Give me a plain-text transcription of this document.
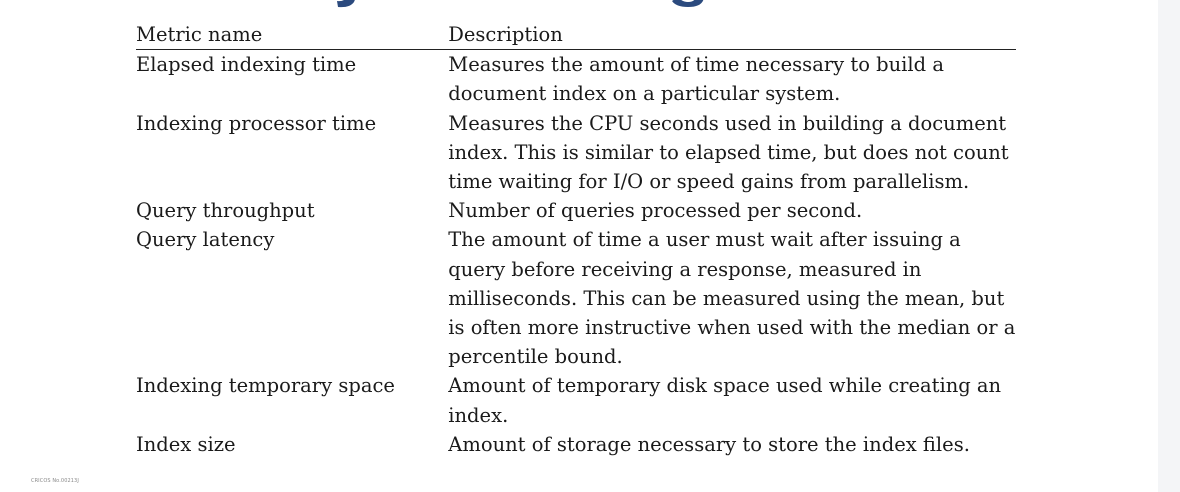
Metric name	Description
Elapsed indexing time	Measures the amount of time necessary to build a document index on a particular system.
Indexing processor time	Measures the CPU seconds used in building a document index. This is similar to elapsed time, but does not count time waiting for I/O or speed gains from parallelism.
Query throughput	Number of queries processed per second.
Query latency	The amount of time a user must wait after issuing a query before receiving a response, measured in milliseconds. This can be measured using the mean, but is often more instructive when used with the median or a percentile bound.
Indexing temporary space	Amount of temporary disk space used while creating an index.
Index size	Amount of storage necessary to store the index files.
CRICOS No.00213J
